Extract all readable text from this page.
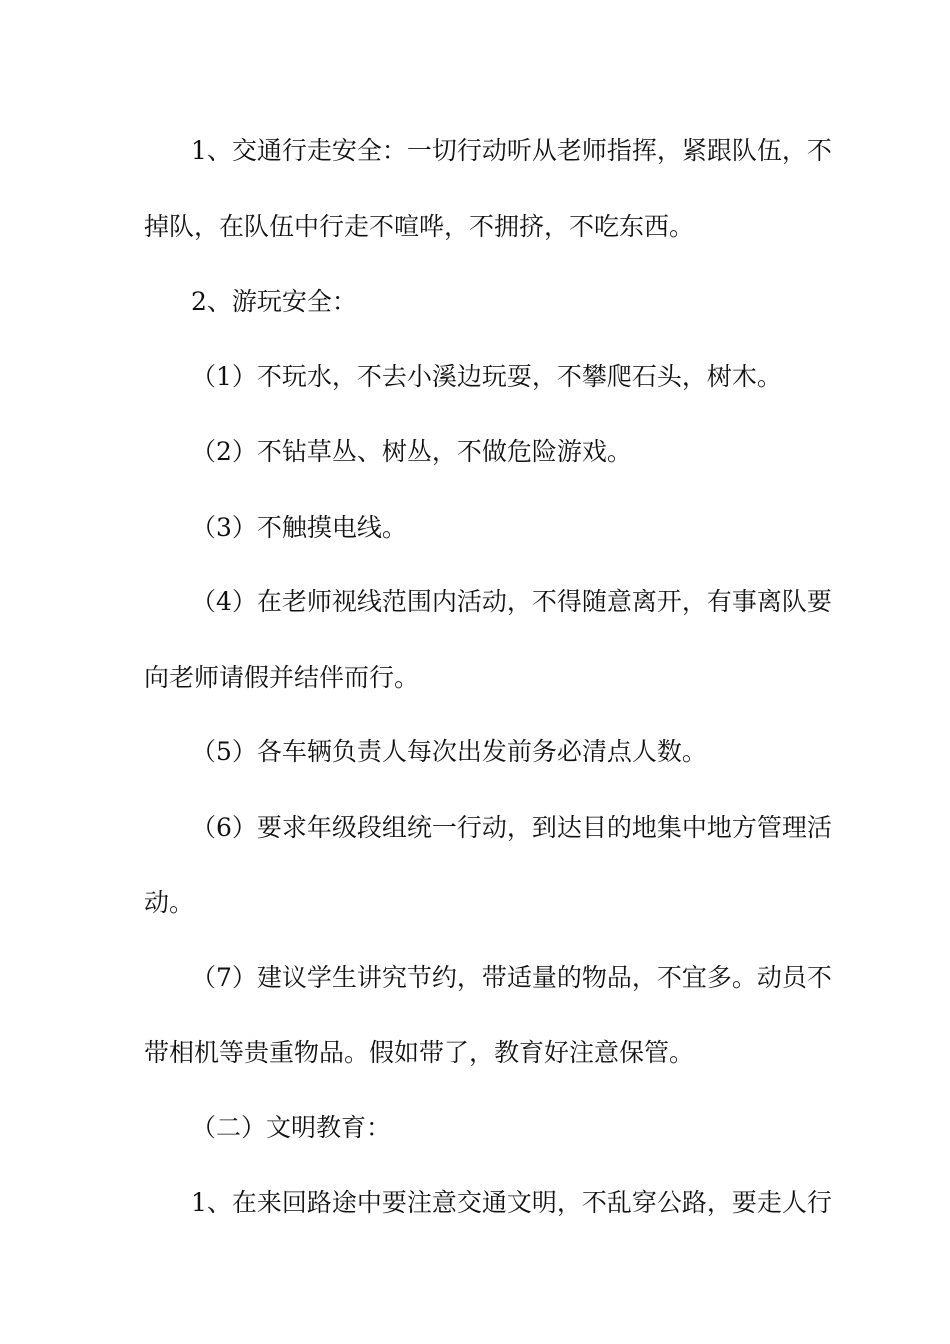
1、交通行走安全：一切行动听从老师指挥，紧跟队伍，不
掉队，在队伍中行走不喧哗，不拥挤，不吃东西。
2、游玩安全：
（1）不玩水，不去小溪边玩耍，不攀爬石头，树木。
（2）不钻草丛、树丛，不做危险游戏。
（3）不触摸电线。
（4）在老师视线范围内活动，不得随意离开，有事离队要
向老师请假并结伴而行。
（5）各车辆负责人每次出发前务必清点人数。
（6）要求年级段组统一行动，到达目的地集中地方管理活
动。
（7）建议学生讲究节约，带适量的物品，不宜多。动员不
带相机等贵重物品。假如带了，教育好注意保管。
（二）文明教育：
1、在来回路途中要注意交通文明，不乱穿公路，要走人行
